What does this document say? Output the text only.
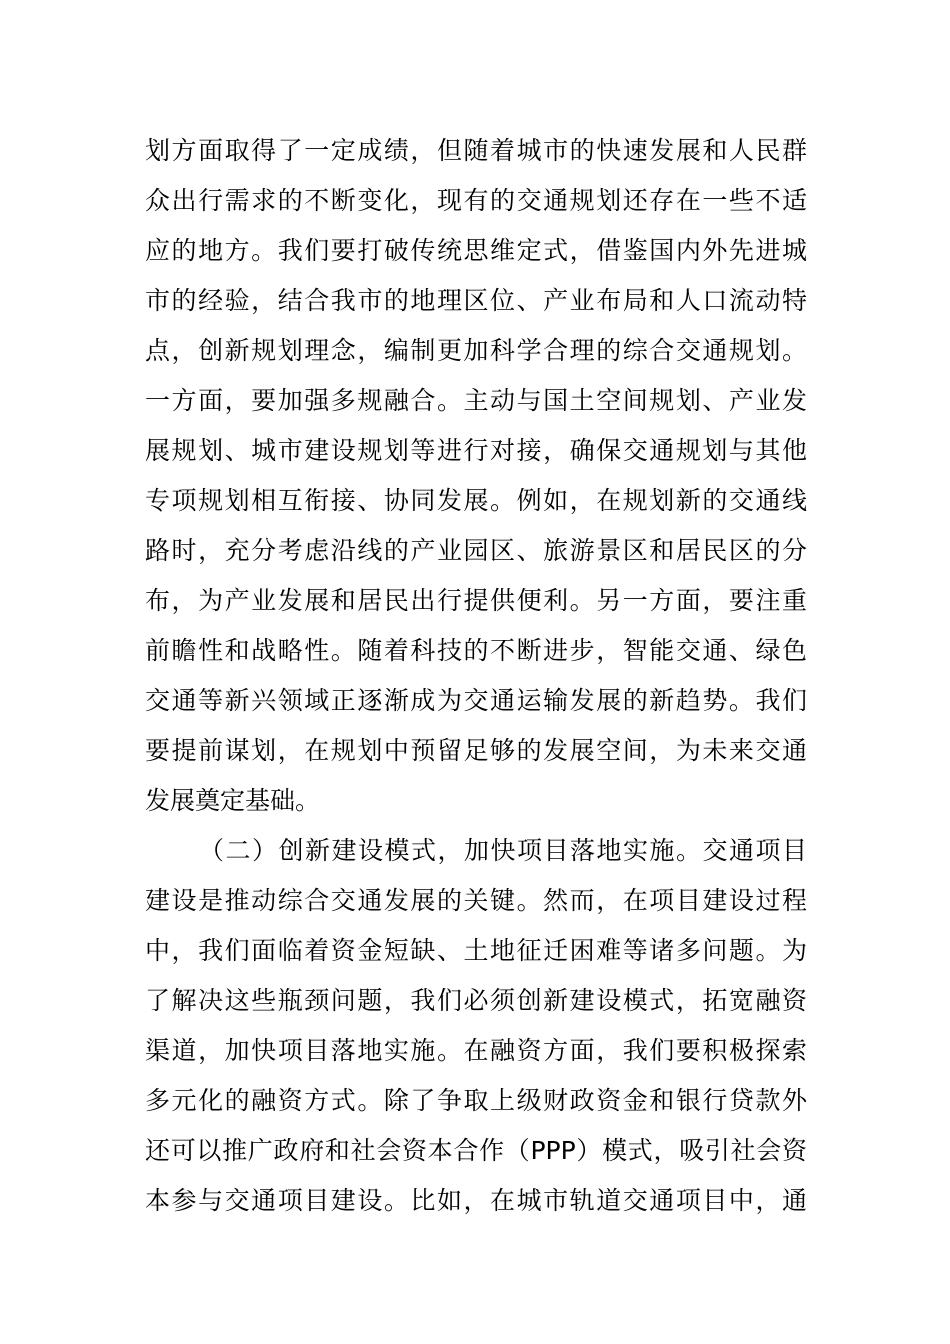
划方面取得了一定成绩，但随着城市的快速发展和人民群
众出行需求的不断变化，现有的交通规划还存在一些不适
应的地方。我们要打破传统思维定式，借鉴国内外先进城
市的经验，结合我市的地理区位、产业布局和人口流动特
点，创新规划理念，编制更加科学合理的综合交通规划。
一方面，要加强多规融合。主动与国土空间规划、产业发
展规划、城市建设规划等进行对接，确保交通规划与其他
专项规划相互衔接、协同发展。例如，在规划新的交通线
路时，充分考虑沿线的产业园区、旅游景区和居民区的分
布，为产业发展和居民出行提供便利。另一方面，要注重
前瞻性和战略性。随着科技的不断进步，智能交通、绿色
交通等新兴领域正逐渐成为交通运输发展的新趋势。我们
要提前谋划，在规划中预留足够的发展空间，为未来交通
发展奠定基础。
（二）创新建设模式，加快项目落地实施。交通项目
建设是推动综合交通发展的关键。然而，在项目建设过程
中，我们面临着资金短缺、土地征迁困难等诸多问题。为
了解决这些瓶颈问题，我们必须创新建设模式，拓宽融资
渠道，加快项目落地实施。在融资方面，我们要积极探索
多元化的融资方式。除了争取上级财政资金和银行贷款外
还可以推广政府和社会资本合作（PPP）模式，吸引社会资
本参与交通项目建设。比如，在城市轨道交通项目中，通
